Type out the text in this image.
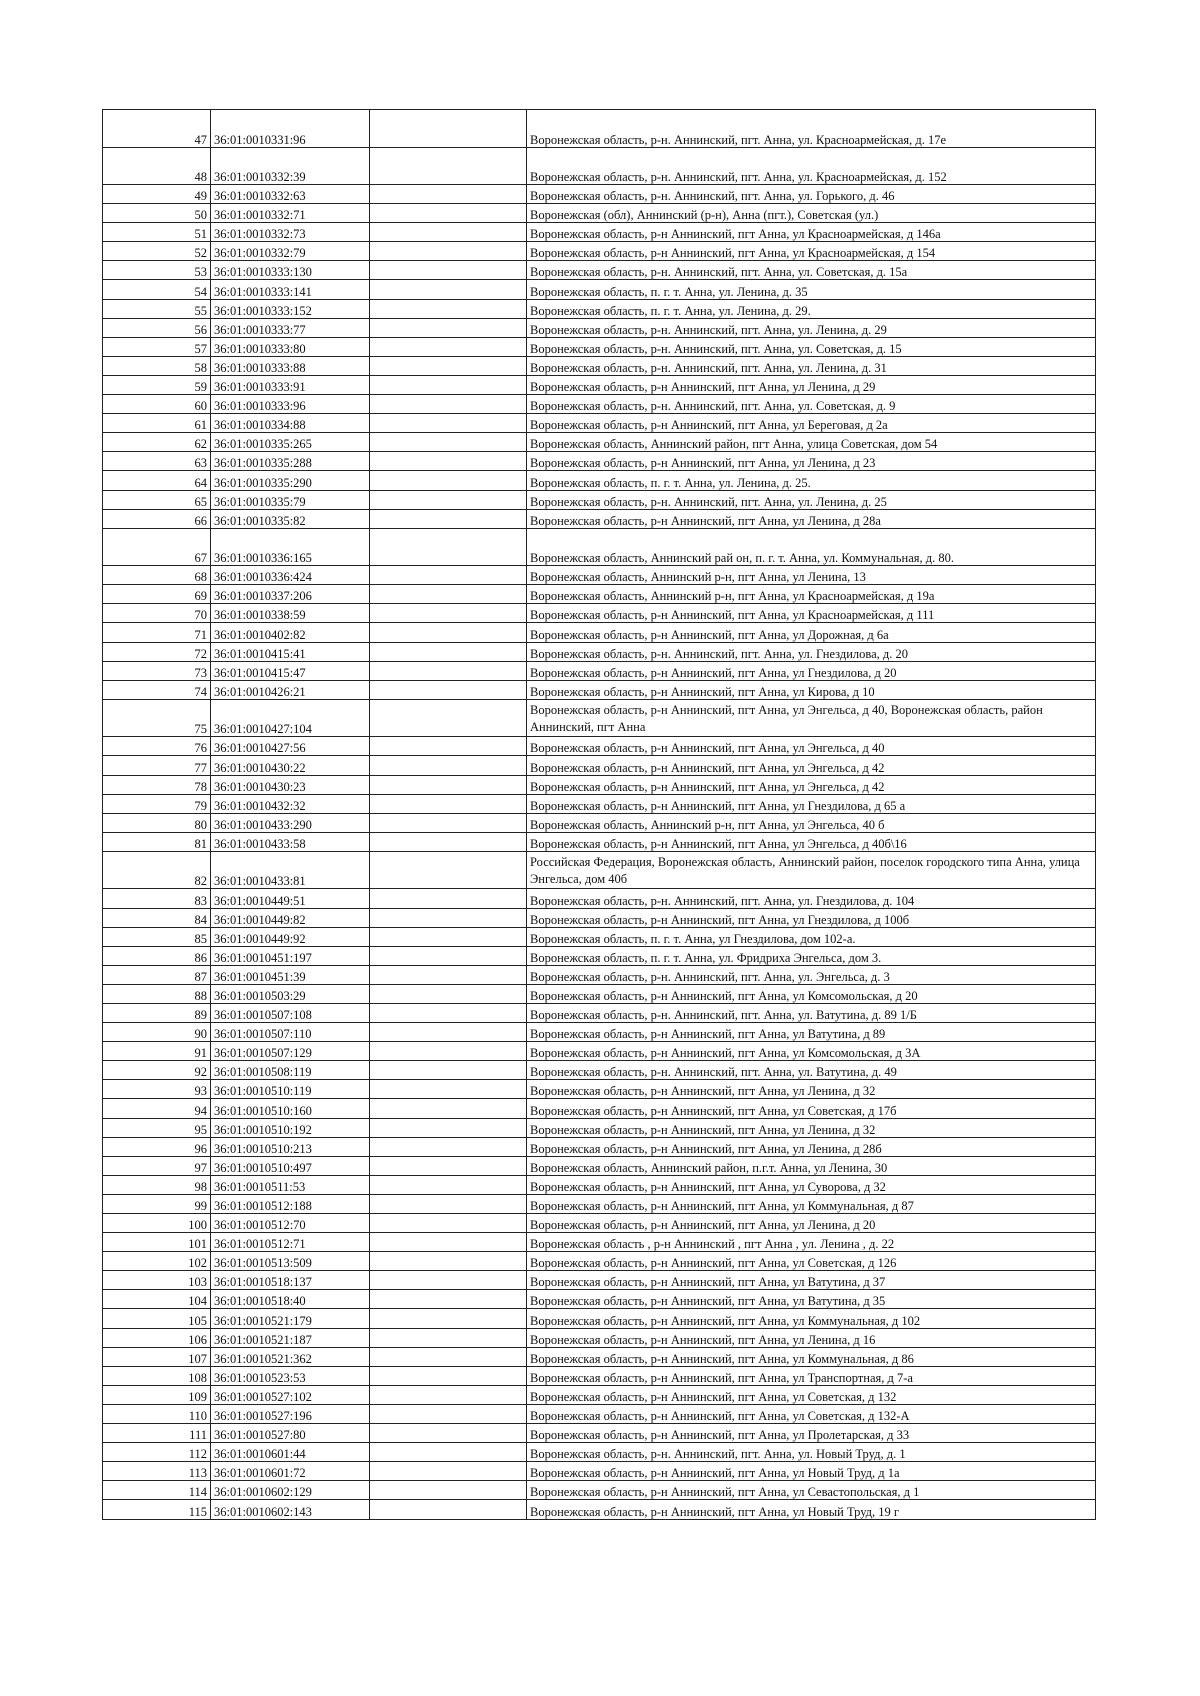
47	36:01:0010331:96		Воронежская область, р-н. Аннинский, пгт. Анна, ул. Красноармейская, д. 17е
48	36:01:0010332:39		Воронежская область, р-н. Аннинский, пгт. Анна, ул. Красноармейская, д. 152
49	36:01:0010332:63		Воронежская область, р-н. Аннинский, пгт. Анна, ул. Горького, д. 46
50	36:01:0010332:71		Воронежская (обл), Аннинский (р-н), Анна (пгт.), Советская (ул.)
51	36:01:0010332:73		Воронежская область, р-н Аннинский, пгт Анна, ул Красноармейская, д 146а
52	36:01:0010332:79		Воронежская область, р-н Аннинский, пгт Анна, ул Красноармейская, д 154
53	36:01:0010333:130		Воронежская область, р-н. Аннинский, пгт. Анна, ул. Советская, д. 15а
54	36:01:0010333:141		Воронежская область, п. г. т. Анна, ул. Ленина, д. 35
55	36:01:0010333:152		Воронежская область, п. г. т. Анна, ул. Ленина, д. 29.
56	36:01:0010333:77		Воронежская область, р-н. Аннинский, пгт. Анна, ул. Ленина, д. 29
57	36:01:0010333:80		Воронежская область, р-н. Аннинский, пгт. Анна, ул. Советская, д. 15
58	36:01:0010333:88		Воронежская область, р-н. Аннинский, пгт. Анна, ул. Ленина, д. 31
59	36:01:0010333:91		Воронежская область, р-н Аннинский, пгт Анна, ул Ленина, д 29
60	36:01:0010333:96		Воронежская область, р-н. Аннинский, пгт. Анна, ул. Советская, д. 9
61	36:01:0010334:88		Воронежская область, р-н Аннинский, пгт Анна, ул Береговая, д 2а
62	36:01:0010335:265		Воронежская область, Аннинский район, пгт Анна, улица Советская, дом 54
63	36:01:0010335:288		Воронежская область, р-н Аннинский, пгт Анна, ул Ленина, д 23
64	36:01:0010335:290		Воронежская область, п. г. т. Анна, ул. Ленина, д. 25.
65	36:01:0010335:79		Воронежская область, р-н. Аннинский, пгт. Анна, ул. Ленина, д. 25
66	36:01:0010335:82		Воронежская область, р-н Аннинский, пгт Анна, ул Ленина, д 28а
67	36:01:0010336:165		Воронежская область, Аннинский рай он, п. г. т. Анна, ул. Коммунальная, д. 80.
68	36:01:0010336:424		Воронежская область, Аннинский р-н, пгт Анна, ул Ленина, 13
69	36:01:0010337:206		Воронежская область, Аннинский р-н, пгт Анна, ул Красноармейская, д 19а
70	36:01:0010338:59		Воронежская область, р-н Аннинский, пгт Анна, ул Красноармейская, д 111
71	36:01:0010402:82		Воронежская область, р-н Аннинский, пгт Анна, ул Дорожная, д 6а
72	36:01:0010415:41		Воронежская область, р-н. Аннинский, пгт. Анна, ул. Гнездилова, д. 20
73	36:01:0010415:47		Воронежская область, р-н Аннинский, пгт Анна, ул Гнездилова, д 20
74	36:01:0010426:21		Воронежская область, р-н Аннинский, пгт Анна, ул Кирова, д 10
75	36:01:0010427:104		Воронежская область, р-н Аннинский, пгт Анна, ул Энгельса, д 40, Воронежская область, район Аннинский, пгт Анна
76	36:01:0010427:56		Воронежская область, р-н Аннинский, пгт Анна, ул Энгельса, д 40
77	36:01:0010430:22		Воронежская область, р-н Аннинский, пгт Анна, ул Энгельса, д 42
78	36:01:0010430:23		Воронежская область, р-н Аннинский, пгт Анна, ул Энгельса, д 42
79	36:01:0010432:32		Воронежская область, р-н Аннинский, пгт Анна, ул Гнездилова, д 65 а
80	36:01:0010433:290		Воронежская область, Аннинский р-н, пгт Анна, ул Энгельса, 40 б
81	36:01:0010433:58		Воронежская область, р-н Аннинский, пгт Анна, ул Энгельса, д 40б\16
82	36:01:0010433:81		Российская Федерация, Воронежская область, Аннинский район, поселок городского типа Анна, улица Энгельса, дом 40б
83	36:01:0010449:51		Воронежская область, р-н. Аннинский, пгт. Анна, ул. Гнездилова, д. 104
84	36:01:0010449:82		Воронежская область, р-н Аннинский, пгт Анна, ул Гнездилова, д 100б
85	36:01:0010449:92		Воронежская область, п. г. т. Анна, ул Гнездилова, дом 102-а.
86	36:01:0010451:197		Воронежская область, п. г. т. Анна, ул. Фридриха Энгельса, дом 3.
87	36:01:0010451:39		Воронежская область, р-н. Аннинский, пгт. Анна, ул. Энгельса, д. 3
88	36:01:0010503:29		Воронежская область, р-н Аннинский, пгт Анна, ул Комсомольская, д 20
89	36:01:0010507:108		Воронежская область, р-н. Аннинский, пгт. Анна, ул. Ватутина, д. 89 1/Б
90	36:01:0010507:110		Воронежская область, р-н Аннинский, пгт Анна, ул Ватутина, д 89
91	36:01:0010507:129		Воронежская область, р-н Аннинский, пгт Анна, ул Комсомольская, д 3А
92	36:01:0010508:119		Воронежская область, р-н. Аннинский, пгт. Анна, ул. Ватутина, д. 49
93	36:01:0010510:119		Воронежская область, р-н Аннинский, пгт Анна, ул Ленина, д 32
94	36:01:0010510:160		Воронежская область, р-н Аннинский, пгт Анна, ул Советская, д 17б
95	36:01:0010510:192		Воронежская область, р-н Аннинский, пгт Анна, ул Ленина, д 32
96	36:01:0010510:213		Воронежская область, р-н Аннинский, пгт Анна, ул Ленина, д 28б
97	36:01:0010510:497		Воронежская область, Аннинский район, п.г.т. Анна, ул Ленина, 30
98	36:01:0010511:53		Воронежская область, р-н Аннинский, пгт Анна, ул Суворова, д 32
99	36:01:0010512:188		Воронежская область, р-н Аннинский, пгт Анна, ул Коммунальная, д 87
100	36:01:0010512:70		Воронежская область, р-н Аннинский, пгт Анна, ул Ленина, д 20
101	36:01:0010512:71		Воронежская область , р-н Аннинский , пгт Анна , ул. Ленина , д. 22
102	36:01:0010513:509		Воронежская область, р-н Аннинский, пгт Анна, ул Советская, д 126
103	36:01:0010518:137		Воронежская область, р-н Аннинский, пгт Анна, ул Ватутина, д 37
104	36:01:0010518:40		Воронежская область, р-н Аннинский, пгт Анна, ул Ватутина, д 35
105	36:01:0010521:179		Воронежская область, р-н Аннинский, пгт Анна, ул Коммунальная, д 102
106	36:01:0010521:187		Воронежская область, р-н Аннинский, пгт Анна, ул Ленина, д 16
107	36:01:0010521:362		Воронежская область, р-н Аннинский, пгт Анна, ул Коммунальная, д 86
108	36:01:0010523:53		Воронежская область, р-н Аннинский, пгт Анна, ул Транспортная, д 7-а
109	36:01:0010527:102		Воронежская область, р-н Аннинский, пгт Анна, ул Советская, д 132
110	36:01:0010527:196		Воронежская область, р-н Аннинский, пгт Анна, ул Советская, д 132-А
111	36:01:0010527:80		Воронежская область, р-н Аннинский, пгт Анна, ул Пролетарская, д 33
112	36:01:0010601:44		Воронежская область, р-н. Аннинский, пгт. Анна, ул. Новый Труд, д. 1
113	36:01:0010601:72		Воронежская область, р-н Аннинский, пгт Анна, ул Новый Труд, д 1а
114	36:01:0010602:129		Воронежская область, р-н Аннинский, пгт Анна, ул Севастопольская, д 1
115	36:01:0010602:143		Воронежская область, р-н Аннинский, пгт Анна, ул Новый Труд, 19 г
